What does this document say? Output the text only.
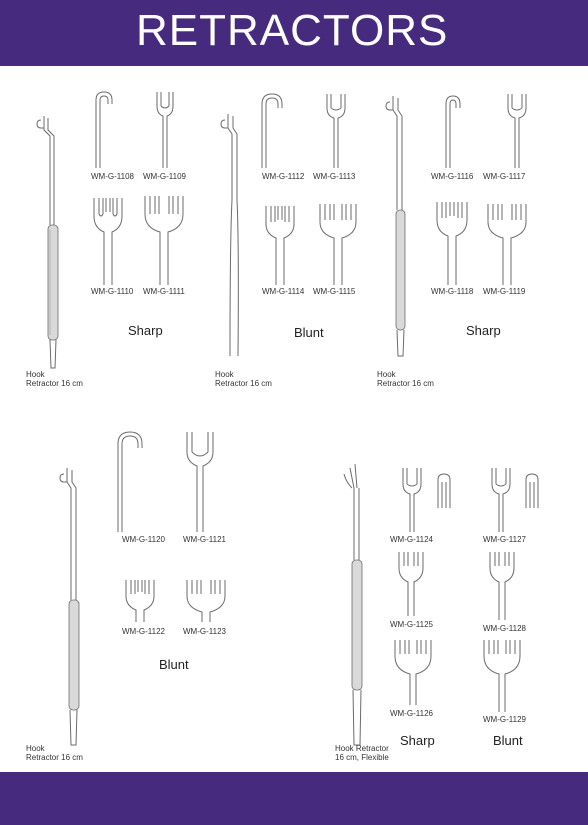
RETRACTORS
WM-G-1108 WM-G-1109
WM-G-1110 WM-G-1111
WM-G-1112 WM-G-1113
WM-G-1114 WM-G-1115
WM-G-1116 WM-G-1117
WM-G-1118 WM-G-1119
WM-G-1120 WM-G-1121
WM-G-1122 WM-G-1123
WM-G-1124
WM-G-1125
WM-G-1126
WM-G-1127
WM-G-1128
WM-G-1129
Sharp	Blunt	Sharp
Blunt
Sharp	Blunt
Hook
Retractor 16 cm
Hook
Retractor 16 cm
Hook
Retractor 16 cm
Hook
Retractor 16 cm
Hook Retractor
16 cm, Flexible
